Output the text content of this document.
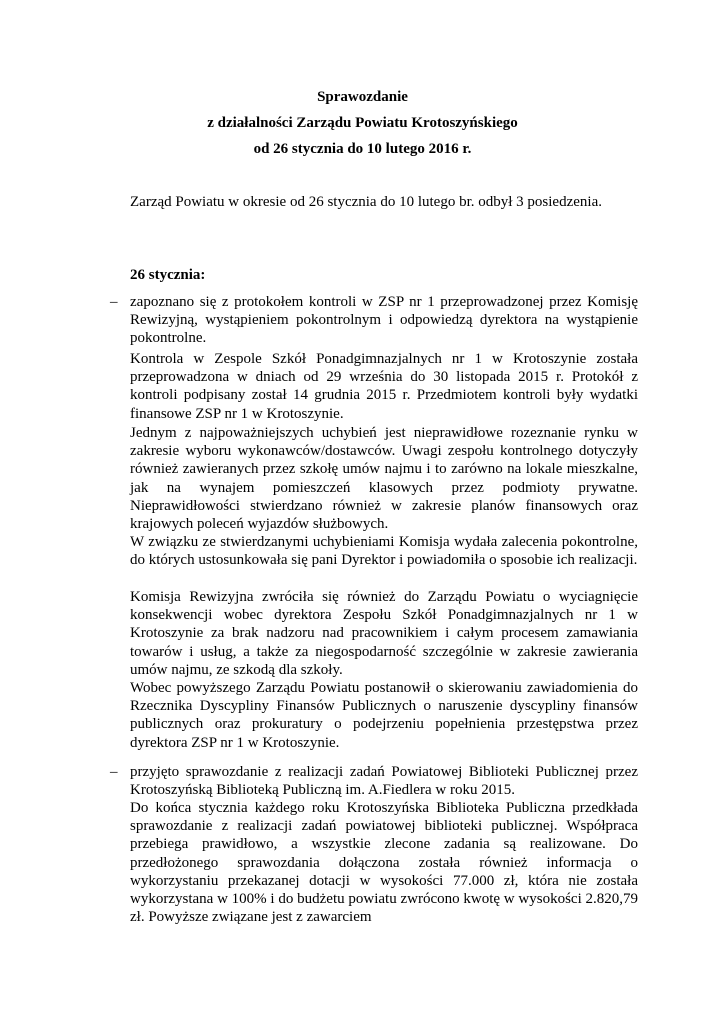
Sprawozdanie
z działalności Zarządu Powiatu Krotoszyńskiego
od 26 stycznia do 10 lutego 2016 r.

Zarząd Powiatu w okresie od 26 stycznia do 10 lutego br. odbył 3 posiedzenia.

26 stycznia:
– zapoznano się z protokołem kontroli w ZSP nr 1 przeprowadzonej przez Komisję Rewizyjną, wystąpieniem pokontrolnym i odpowiedzą dyrektora na wystąpienie pokontrolne.

Kontrola w Zespole Szkół Ponadgimnazjalnych nr 1 w Krotoszynie została przeprowadzona w dniach od 29 września do 30 listopada 2015 r. Protokół z kontroli podpisany został 14 grudnia 2015 r. Przedmiotem kontroli były wydatki finansowe ZSP nr 1 w Krotoszynie.

Jednym z najpoważniejszych uchybień jest nieprawidłowe rozeznanie rynku w zakresie wyboru wykonawców/dostawców. Uwagi zespołu kontrolnego dotyczyły również zawieranych przez szkołę umów najmu i to zarówno na lokale mieszkalne, jak na wynajem pomieszczeń klasowych przez podmioty prywatne. Nieprawidłowości stwierdzano również w zakresie planów finansowych oraz krajowych poleceń wyjazdów służbowych.

W związku ze stwierdzanymi uchybieniami Komisja wydała zalecenia pokontrolne, do których ustosunkowała się pani Dyrektor i powiadomiła o sposobie ich realizacji.

Komisja Rewizyjna zwróciła się również do Zarządu Powiatu o wyciagnięcie konsekwencji wobec dyrektora Zespołu Szkół Ponadgimnazjalnych nr 1 w Krotoszynie za brak nadzoru nad pracownikiem i całym procesem zamawiania towarów i usług, a także za niegospodarność szczególnie w zakresie zawierania umów najmu, ze szkodą dla szkoły.

Wobec powyższego Zarządu Powiatu postanowił o skierowaniu zawiadomienia do Rzecznika Dyscypliny Finansów Publicznych o naruszenie dyscypliny finansów publicznych oraz prokuratury o podejrzeniu popełnienia przestępstwa przez dyrektora ZSP nr 1 w Krotoszynie.

– przyjęto sprawozdanie z realizacji zadań Powiatowej Biblioteki Publicznej przez Krotoszyńską Biblioteką Publiczną im. A.Fiedlera w roku 2015.

Do końca stycznia każdego roku Krotoszyńska Biblioteka Publiczna przedkłada sprawozdanie z realizacji zadań powiatowej biblioteki publicznej. Współpraca przebiega prawidłowo, a wszystkie zlecone zadania są realizowane. Do przedłożonego sprawozdania dołączona została również informacja o wykorzystaniu przekazanej dotacji w wysokości 77.000 zł, która nie została wykorzystana w 100% i do budżetu powiatu zwrócono kwotę w wysokości 2.820,79 zł. Powyższe związane jest z zawarciem
